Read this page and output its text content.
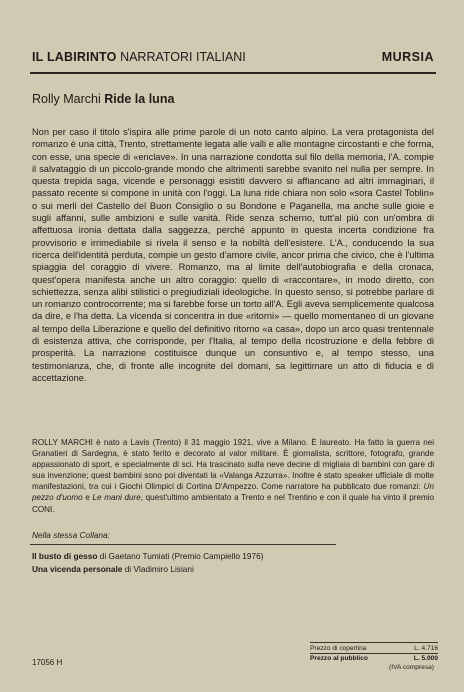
IL LABIRINTO NARRATORI ITALIANI	MURSIA
Rolly Marchi Ride la luna

Non per caso il titolo s'ispira alle prime parole di un noto canto alpino. La vera protagonista del romanzo è una città, Trento, strettamente legata alle valli e alle montagne circostanti e che forma, con esse, una specie di «enclave». In una narrazione condotta sul filo della memoria, l'A. compie il salvataggio di un piccolo-grande mondo che altrimenti sarebbe svanito nel nulla per sempre. In questa trepida saga, vicende e personaggi esistiti davvero si affiancano ad altri immaginari, il passato recente si compone in unità con l'oggi. La luna ride chiara non solo «sora Castel Toblin» o sui merli del Castello del Buon Consiglio o su Bondone e Paganella, ma anche sulle gioie e sugli affanni, sulle ambizioni e sulle vanità. Ride senza scherno, tutt'al più con un'ombra di affettuosa ironia dettata dalla saggezza, perché appunto in questa incerta condizione fra provvisorio e irrimediabile si rivela il senso e la nobiltà dell'esistere. L'A., conducendo la sua ricerca dell'identità perduta, compie un gesto d'amore civile, ancor prima che civico, che è l'ultima spiaggia del coraggio di vivere. Romanzo, ma al limite dell'autobiografia e della cronaca, quest'opera manifesta anche un altro coraggio: quello di «raccontare», in modo diretto, con schiettezza, senza alibi stilistici o pregiudiziali ideologiche. In questo senso, si potrebbe parlare di un romanzo controcorrente; ma si farebbe forse un torto all'A. Egli aveva semplicemente qualcosa da dire, e l'ha detta. La vicenda si concentra in due «ritorni» — quello momentaneo di un giovane al tempo della Liberazione e quello del definitivo ritorno «a casa», dopo un arco quasi trentennale di esistenza attiva, che corrisponde, per l'Italia, al tempo della ricostruzione e della febbre di prosperità. La narrazione costituisce dunque un consuntivo e, al tempo stesso, una testimonianza, che, di fronte alle incognite del domani, sa legittimare un atto di fiducia e di accettazione.

ROLLY MARCHI è nato a Lavis (Trento) il 31 maggio 1921, vive a Milano. È laureato. Ha fatto la guerra nei Granatieri di Sardegna, è stato ferito e decorato al valor militare. È giornalista, scrittore, fotografo, grande appassionato di sport, e specialmente di sci. Ha trascinato sulla neve decine di migliaia di bambini con gare di sua invenzione; quest bambini sono poi diventati la «Valanga Azzurra». Inoltre è stato speaker ufficiale di molte manifestazioni, tra cui i Giochi Olimpici di Cortina D'Ampezzo. Come narratore ha pubblicato due romanzi: Un pezzo d'uomo e Le mani dure, quest'ultimo ambientato a Trento e nel Trentino e con il quale ha vinto il premio CONI.

Nella stessa Collana:
Il busto di gesso di Gaetano Tumiati (Premio Campiello 1976)
Una vicenda personale di Vladimiro Lisiani
Prezzo di copertina	L. 4.716
Prezzo al pubblico	L. 5.000
(IVA compresa)
17056 H
